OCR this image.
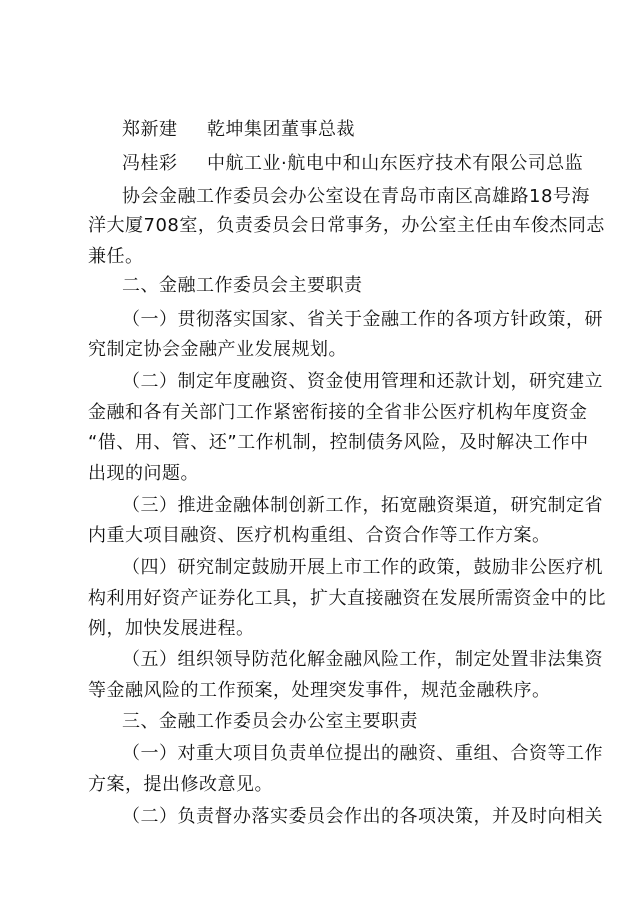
郑新建 乾坤集团董事总裁
冯桂彩 中航工业·航电中和山东医疗技术有限公司总监
协会金融工作委员会办公室设在青岛市南区高雄路18号海
洋大厦708室，负责委员会日常事务，办公室主任由车俊杰同志
兼任。
二、金融工作委员会主要职责
（一）贯彻落实国家、省关于金融工作的各项方针政策，研
究制定协会金融产业发展规划。
（二）制定年度融资、资金使用管理和还款计划，研究建立
金融和各有关部门工作紧密衔接的全省非公医疗机构年度资金
“借、用、管、还”工作机制，控制债务风险，及时解决工作中
出现的问题。
（三）推进金融体制创新工作，拓宽融资渠道，研究制定省
内重大项目融资、医疗机构重组、合资合作等工作方案。
（四）研究制定鼓励开展上市工作的政策，鼓励非公医疗机
构利用好资产证券化工具，扩大直接融资在发展所需资金中的比
例，加快发展进程。
（五）组织领导防范化解金融风险工作，制定处置非法集资
等金融风险的工作预案，处理突发事件，规范金融秩序。
三、金融工作委员会办公室主要职责
（一）对重大项目负责单位提出的融资、重组、合资等工作
方案，提出修改意见。
（二）负责督办落实委员会作出的各项决策，并及时向相关
